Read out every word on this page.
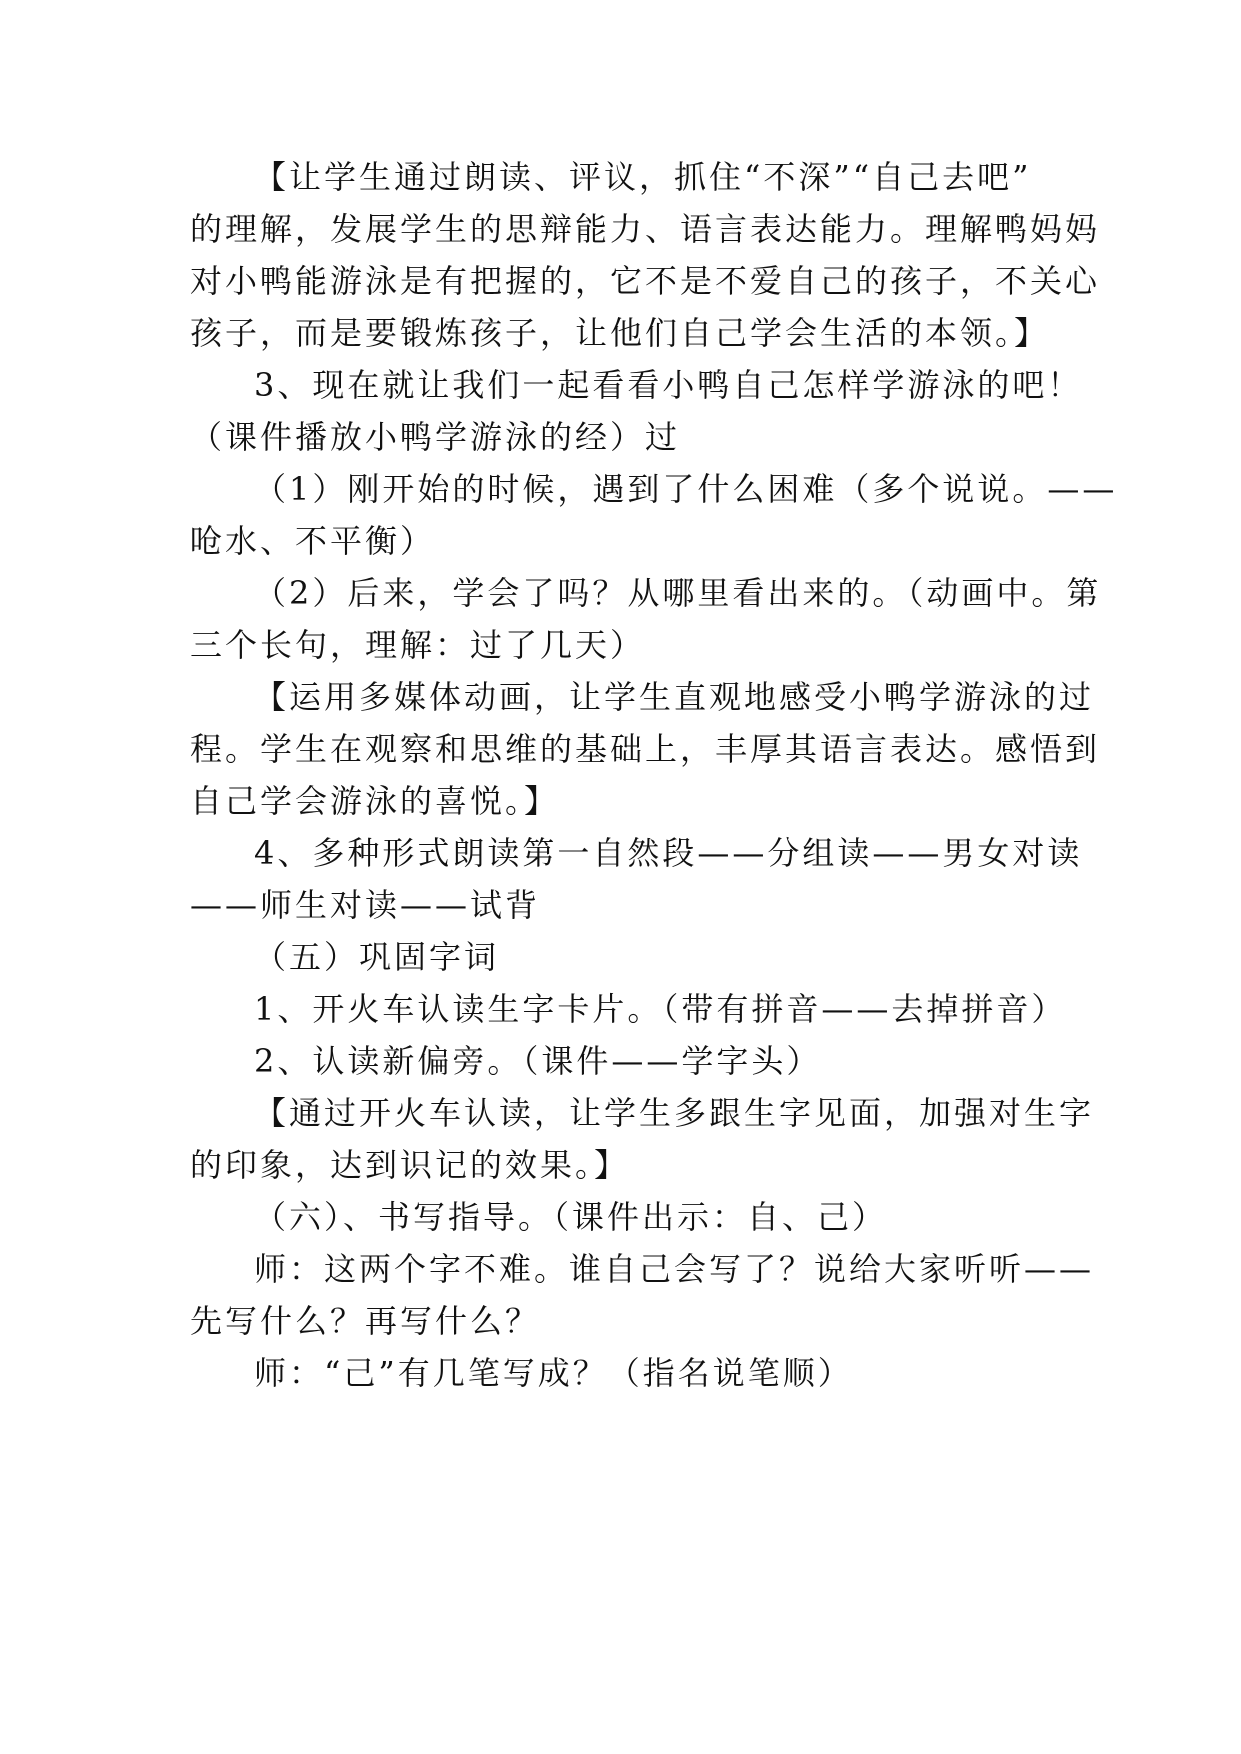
【让学生通过朗读、评议，抓住“不深”“自己去吧”
的理解，发展学生的思辩能力、语言表达能力。理解鸭妈妈
对小鸭能游泳是有把握的，它不是不爱自己的孩子，不关心
孩子，而是要锻炼孩子，让他们自己学会生活的本领。】
3、现在就让我们一起看看小鸭自己怎样学游泳的吧！
（课件播放小鸭学游泳的经）过
（1）刚开始的时候，遇到了什么困难（多个说说。——
呛水、不平衡）
（2）后来，学会了吗？从哪里看出来的。（动画中。第
三个长句，理解：过了几天）
【运用多媒体动画，让学生直观地感受小鸭学游泳的过
程。学生在观察和思维的基础上，丰厚其语言表达。感悟到
自己学会游泳的喜悦。】
4、多种形式朗读第一自然段——分组读——男女对读
——师生对读——试背
（五）巩固字词
1、开火车认读生字卡片。（带有拼音——去掉拼音）
2、认读新偏旁。（课件——学字头）
【通过开火车认读，让学生多跟生字见面，加强对生字
的印象，达到识记的效果。】
（六）、书写指导。（课件出示：自、己）
师：这两个字不难。谁自己会写了？说给大家听听——
先写什么？再写什么？
师：“己”有几笔写成？（指名说笔顺）
